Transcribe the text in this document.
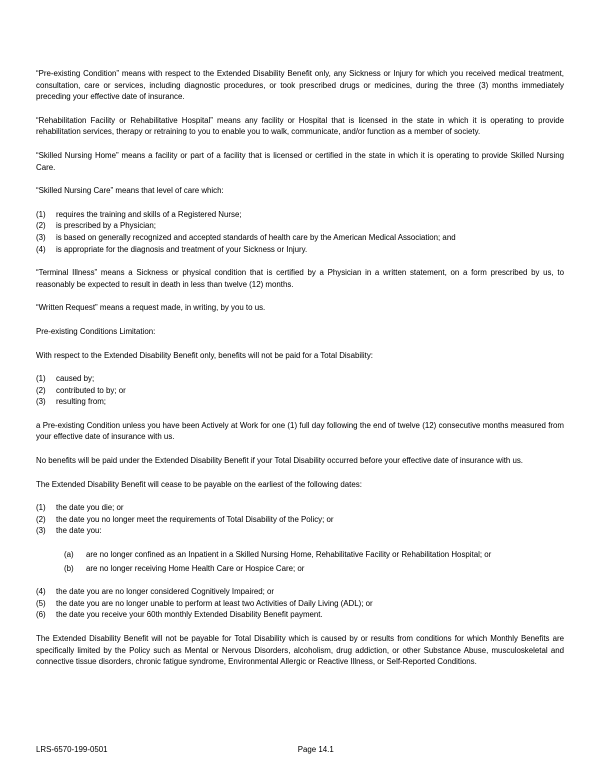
“Pre-existing Condition” means with respect to the Extended Disability Benefit only, any Sickness or Injury for which you received medical treatment, consultation, care or services, including diagnostic procedures, or took prescribed drugs or medicines, during the three (3) months immediately preceding your effective date of insurance.

“Rehabilitation Facility or Rehabilitative Hospital” means any facility or Hospital that is licensed in the state in which it is operating to provide rehabilitation services, therapy or retraining to you to enable you to walk, communicate, and/or function as a member of society.

“Skilled Nursing Home” means a facility or part of a facility that is licensed or certified in the state in which it is operating to provide Skilled Nursing Care.

“Skilled Nursing Care” means that level of care which:

(1)	requires the training and skills of a Registered Nurse;
(2)	is prescribed by a Physician;
(3)	is based on generally recognized and accepted standards of health care by the American Medical Association; and
(4)	is appropriate for the diagnosis and treatment of your Sickness or Injury.

“Terminal Illness” means a Sickness or physical condition that is certified by a Physician in a written statement, on a form prescribed by us, to reasonably be expected to result in death in less than twelve (12) months.

“Written Request” means a request made, in writing, by you to us.

Pre-existing Conditions Limitation:

With respect to the Extended Disability Benefit only, benefits will not be paid for a Total Disability:

(1)	caused by;
(2)	contributed to by; or
(3)	resulting from;

a Pre-existing Condition unless you have been Actively at Work for one (1) full day following the end of twelve (12) consecutive months measured from your effective date of insurance with us.

No benefits will be paid under the Extended Disability Benefit if your Total Disability occurred before your effective date of insurance with us.

The Extended Disability Benefit will cease to be payable on the earliest of the following dates:

(1)	the date you die; or
(2)	the date you no longer meet the requirements of Total Disability of the Policy; or
(3)	the date you:
(a)	are no longer confined as an Inpatient in a Skilled Nursing Home, Rehabilitative Facility or Rehabilitation Hospital; or
(b)	are no longer receiving Home Health Care or Hospice Care; or
(4)	the date you are no longer considered Cognitively Impaired; or
(5)	the date you are no longer unable to perform at least two Activities of Daily Living (ADL); or
(6)	the date you receive your 60th monthly Extended Disability Benefit payment.

The Extended Disability Benefit will not be payable for Total Disability which is caused by or results from conditions for which Monthly Benefits are specifically limited by the Policy such as Mental or Nervous Disorders, alcoholism, drug addiction, or other Substance Abuse, musculoskeletal and connective tissue disorders, chronic fatigue syndrome, Environmental Allergic or Reactive Illness, or Self-Reported Conditions.

LRS-6570-199-0501	Page 14.1
